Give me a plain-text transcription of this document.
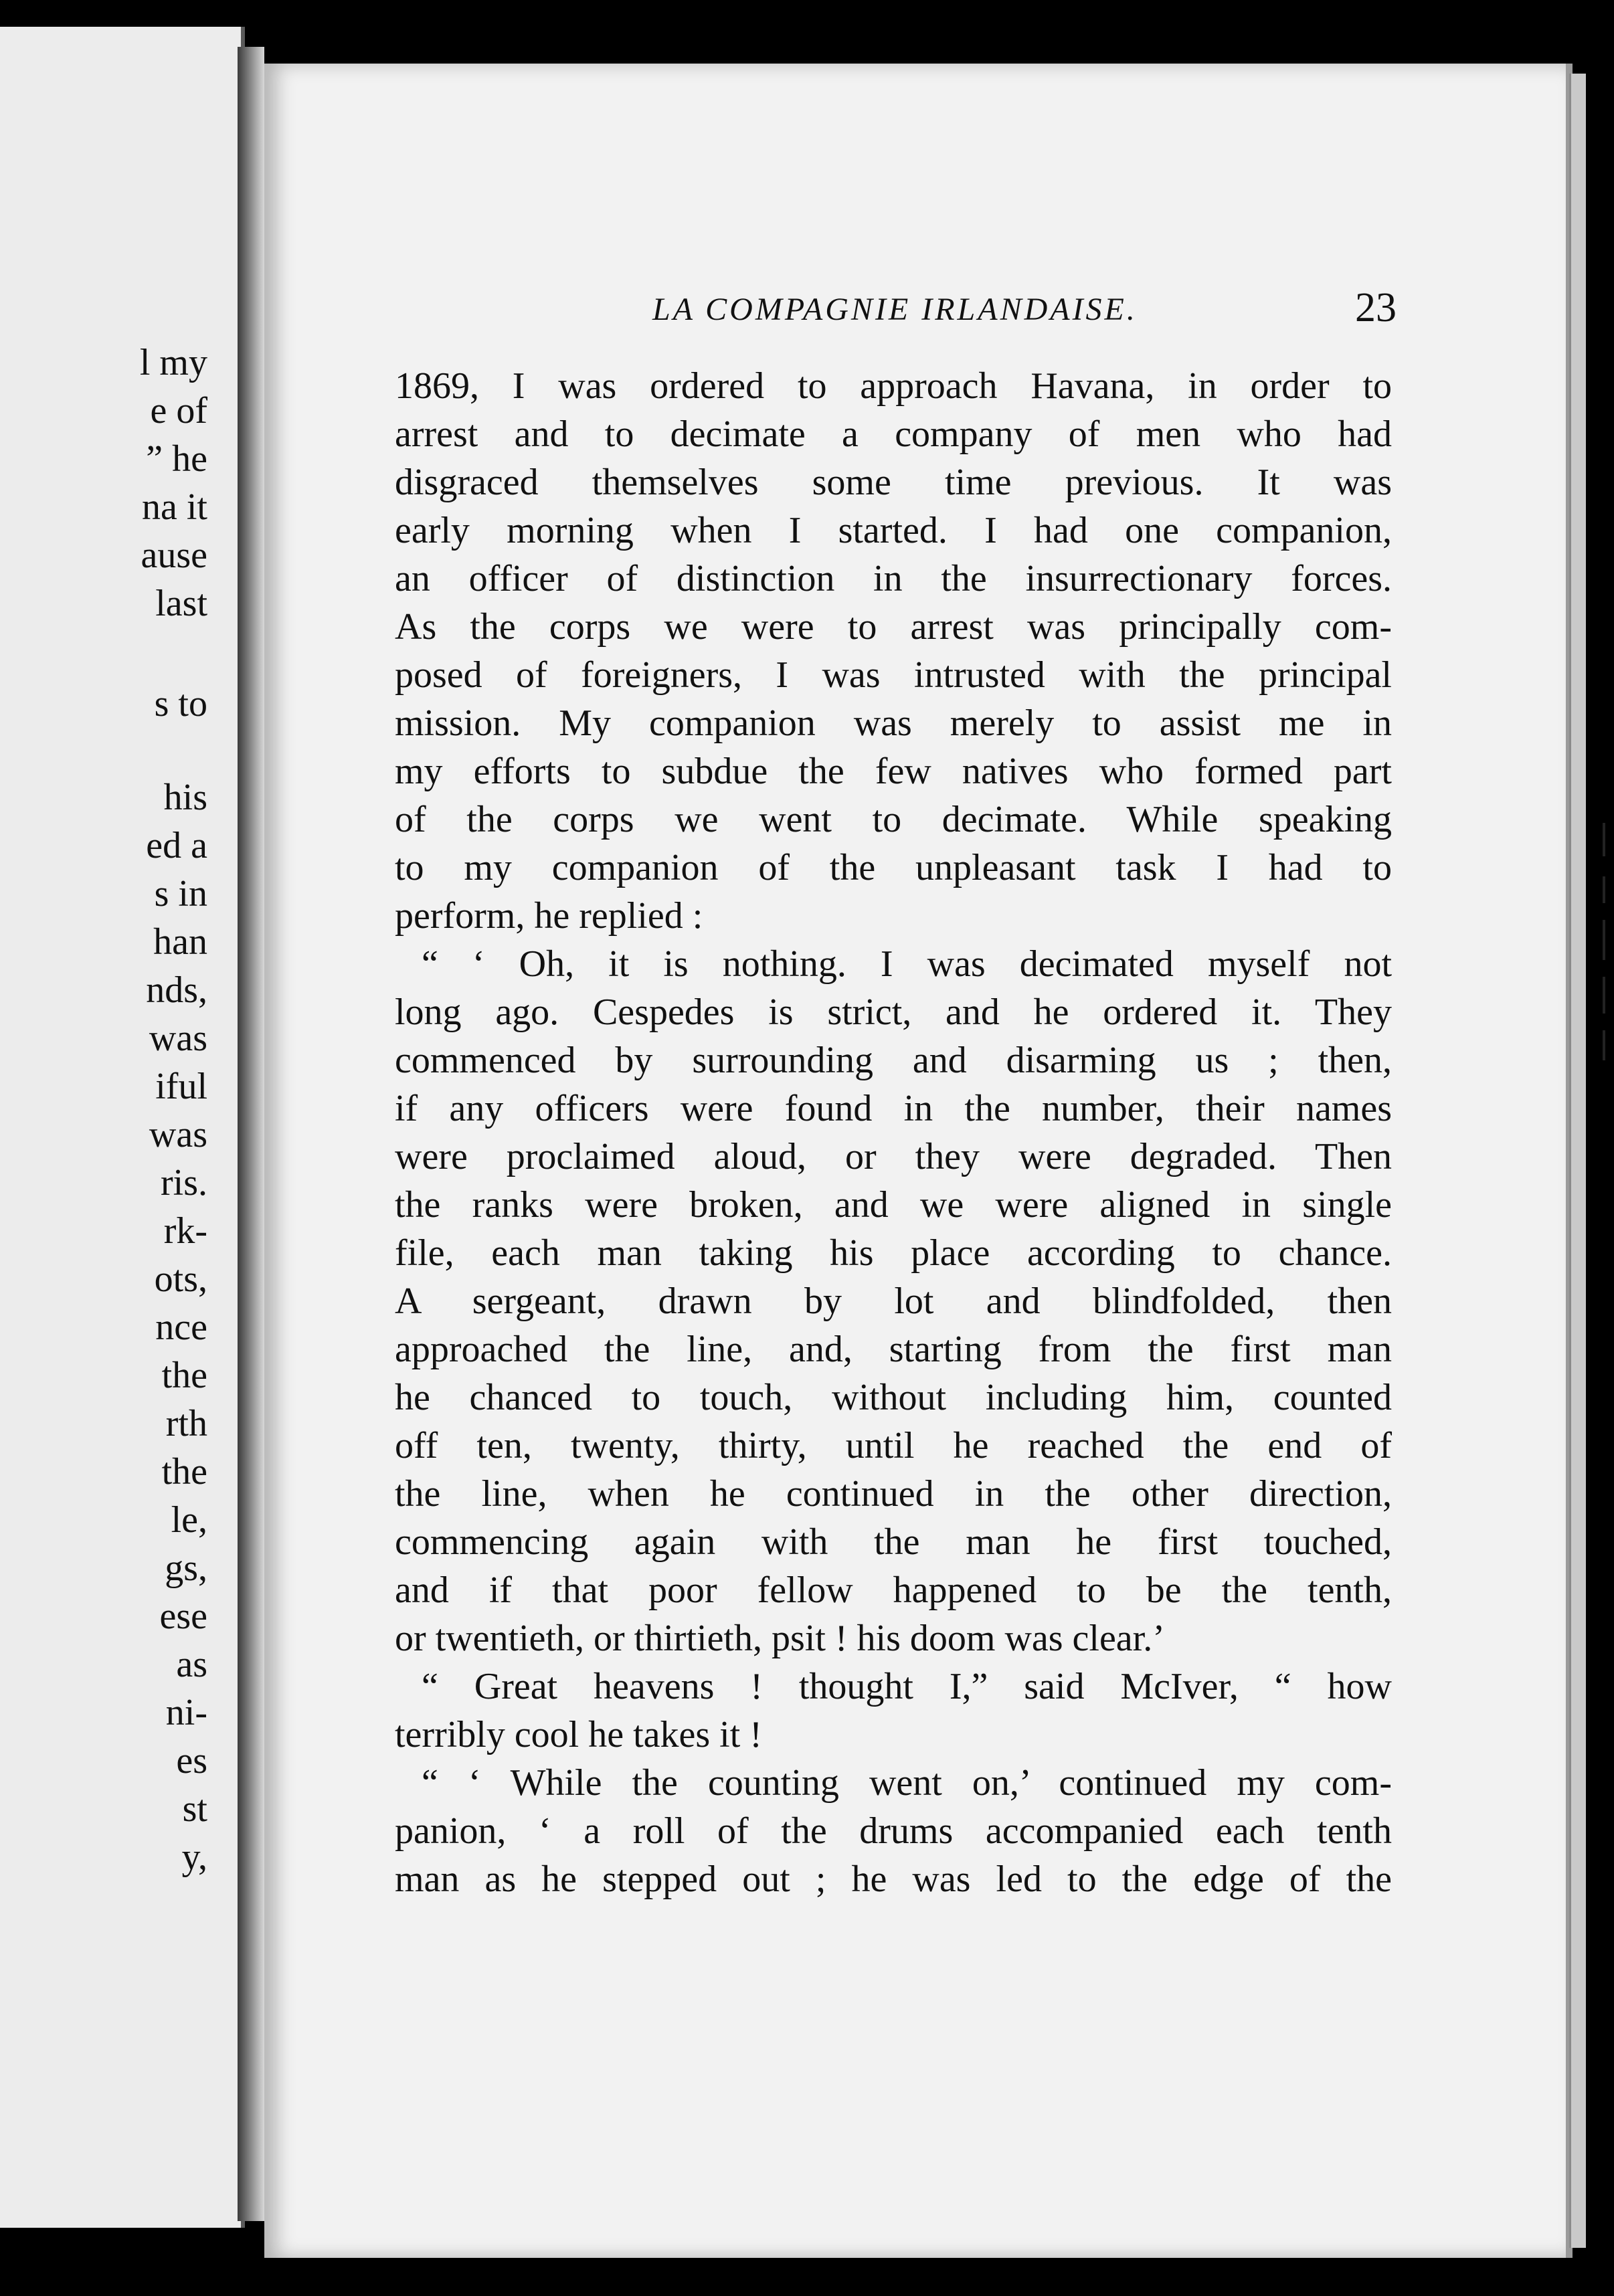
l my
e of
” he
na it
ause
last
s to
his
ed a
s in
han
nds,
was
iful
was
ris.
rk-
ots,
nce
the
rth
the
le,
gs,
ese
as
ni-
es
st
y,
LA COMPAGNIE IRLANDAISE.	23
1869, I was ordered to approach Havana, in order to
arrest and to decimate a company of men who had
disgraced themselves some time previous. It was
early morning when I started. I had one companion,
an officer of distinction in the insurrectionary forces.
As the corps we were to arrest was principally com-
posed of foreigners, I was intrusted with the principal
mission. My companion was merely to assist me in
my efforts to subdue the few natives who formed part
of the corps we went to decimate. While speaking
to my companion of the unpleasant task I had to
perform, he replied :
“ ‘ Oh, it is nothing. I was decimated myself not
long ago. Cespedes is strict, and he ordered it. They
commenced by surrounding and disarming us ; then,
if any officers were found in the number, their names
were proclaimed aloud, or they were degraded. Then
the ranks were broken, and we were aligned in single
file, each man taking his place according to chance.
A sergeant, drawn by lot and blindfolded, then
approached the line, and, starting from the first man
he chanced to touch, without including him, counted
off ten, twenty, thirty, until he reached the end of
the line, when he continued in the other direction,
commencing again with the man he first touched,
and if that poor fellow happened to be the tenth,
or twentieth, or thirtieth, psit ! his doom was clear.’
“ Great heavens ! thought I,” said McIver, “ how
terribly cool he takes it !
“ ‘ While the counting went on,’ continued my com-
panion, ‘ a roll of the drums accompanied each tenth
man as he stepped out ; he was led to the edge of the
